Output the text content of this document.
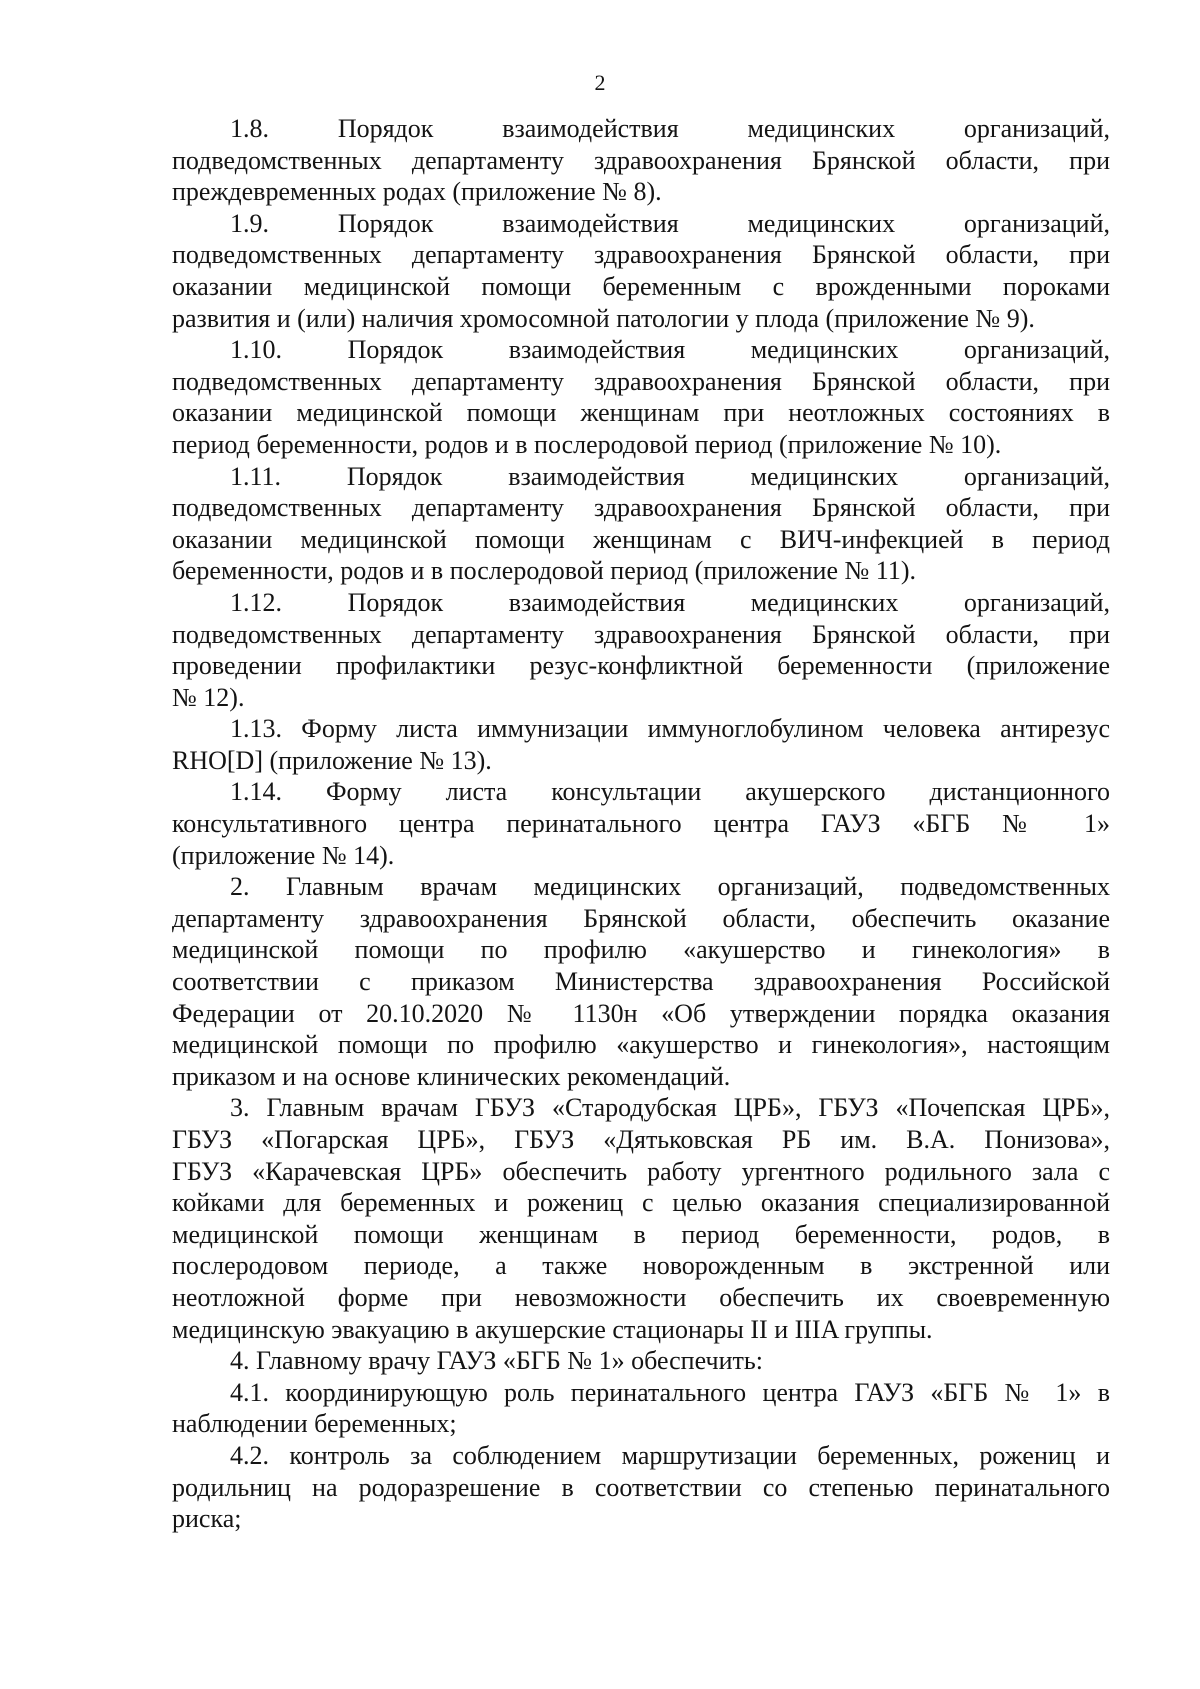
2
1.8. Порядок взаимодействия медицинских организаций,
подведомственных департаменту здравоохранения Брянской области, при
преждевременных родах (приложение № 8).
1.9. Порядок взаимодействия медицинских организаций,
подведомственных департаменту здравоохранения Брянской области, при
оказании медицинской помощи беременным с врожденными пороками
развития и (или) наличия хромосомной патологии у плода (приложение № 9).
1.10. Порядок взаимодействия медицинских организаций,
подведомственных департаменту здравоохранения Брянской области, при
оказании медицинской помощи женщинам при неотложных состояниях в
период беременности, родов и в послеродовой период (приложение № 10).
1.11. Порядок взаимодействия медицинских организаций,
подведомственных департаменту здравоохранения Брянской области, при
оказании медицинской помощи женщинам с ВИЧ-инфекцией в период
беременности, родов и в послеродовой период (приложение № 11).
1.12. Порядок взаимодействия медицинских организаций,
подведомственных департаменту здравоохранения Брянской области, при
проведении профилактики резус-конфликтной беременности (приложение
№ 12).
1.13. Форму листа иммунизации иммуноглобулином человека антирезус
RHO[D] (приложение № 13).
1.14. Форму листа консультации акушерского дистанционного
консультативного центра перинатального центра ГАУЗ «БГБ № 1»
(приложение № 14).
2. Главным врачам медицинских организаций, подведомственных
департаменту здравоохранения Брянской области, обеспечить оказание
медицинской помощи по профилю «акушерство и гинекология» в
соответствии с приказом Министерства здравоохранения Российской
Федерации от 20.10.2020 № 1130н «Об утверждении порядка оказания
медицинской помощи по профилю «акушерство и гинекология», настоящим
приказом и на основе клинических рекомендаций.
3. Главным врачам ГБУЗ «Стародубская ЦРБ», ГБУЗ «Почепская ЦРБ»,
ГБУЗ «Погарская ЦРБ», ГБУЗ «Дятьковская РБ им. В.А. Понизова»,
ГБУЗ «Карачевская ЦРБ» обеспечить работу ургентного родильного зала с
койками для беременных и рожениц с целью оказания специализированной
медицинской помощи женщинам в период беременности, родов, в
послеродовом периоде, а также новорожденным в экстренной или
неотложной форме при невозможности обеспечить их своевременную
медицинскую эвакуацию в акушерские стационары II и IIIA группы.
4. Главному врачу ГАУЗ «БГБ № 1» обеспечить:
4.1. координирующую роль перинатального центра ГАУЗ «БГБ № 1» в
наблюдении беременных;
4.2. контроль за соблюдением маршрутизации беременных, рожениц и
родильниц на родоразрешение в соответствии со степенью перинатального
риска;
